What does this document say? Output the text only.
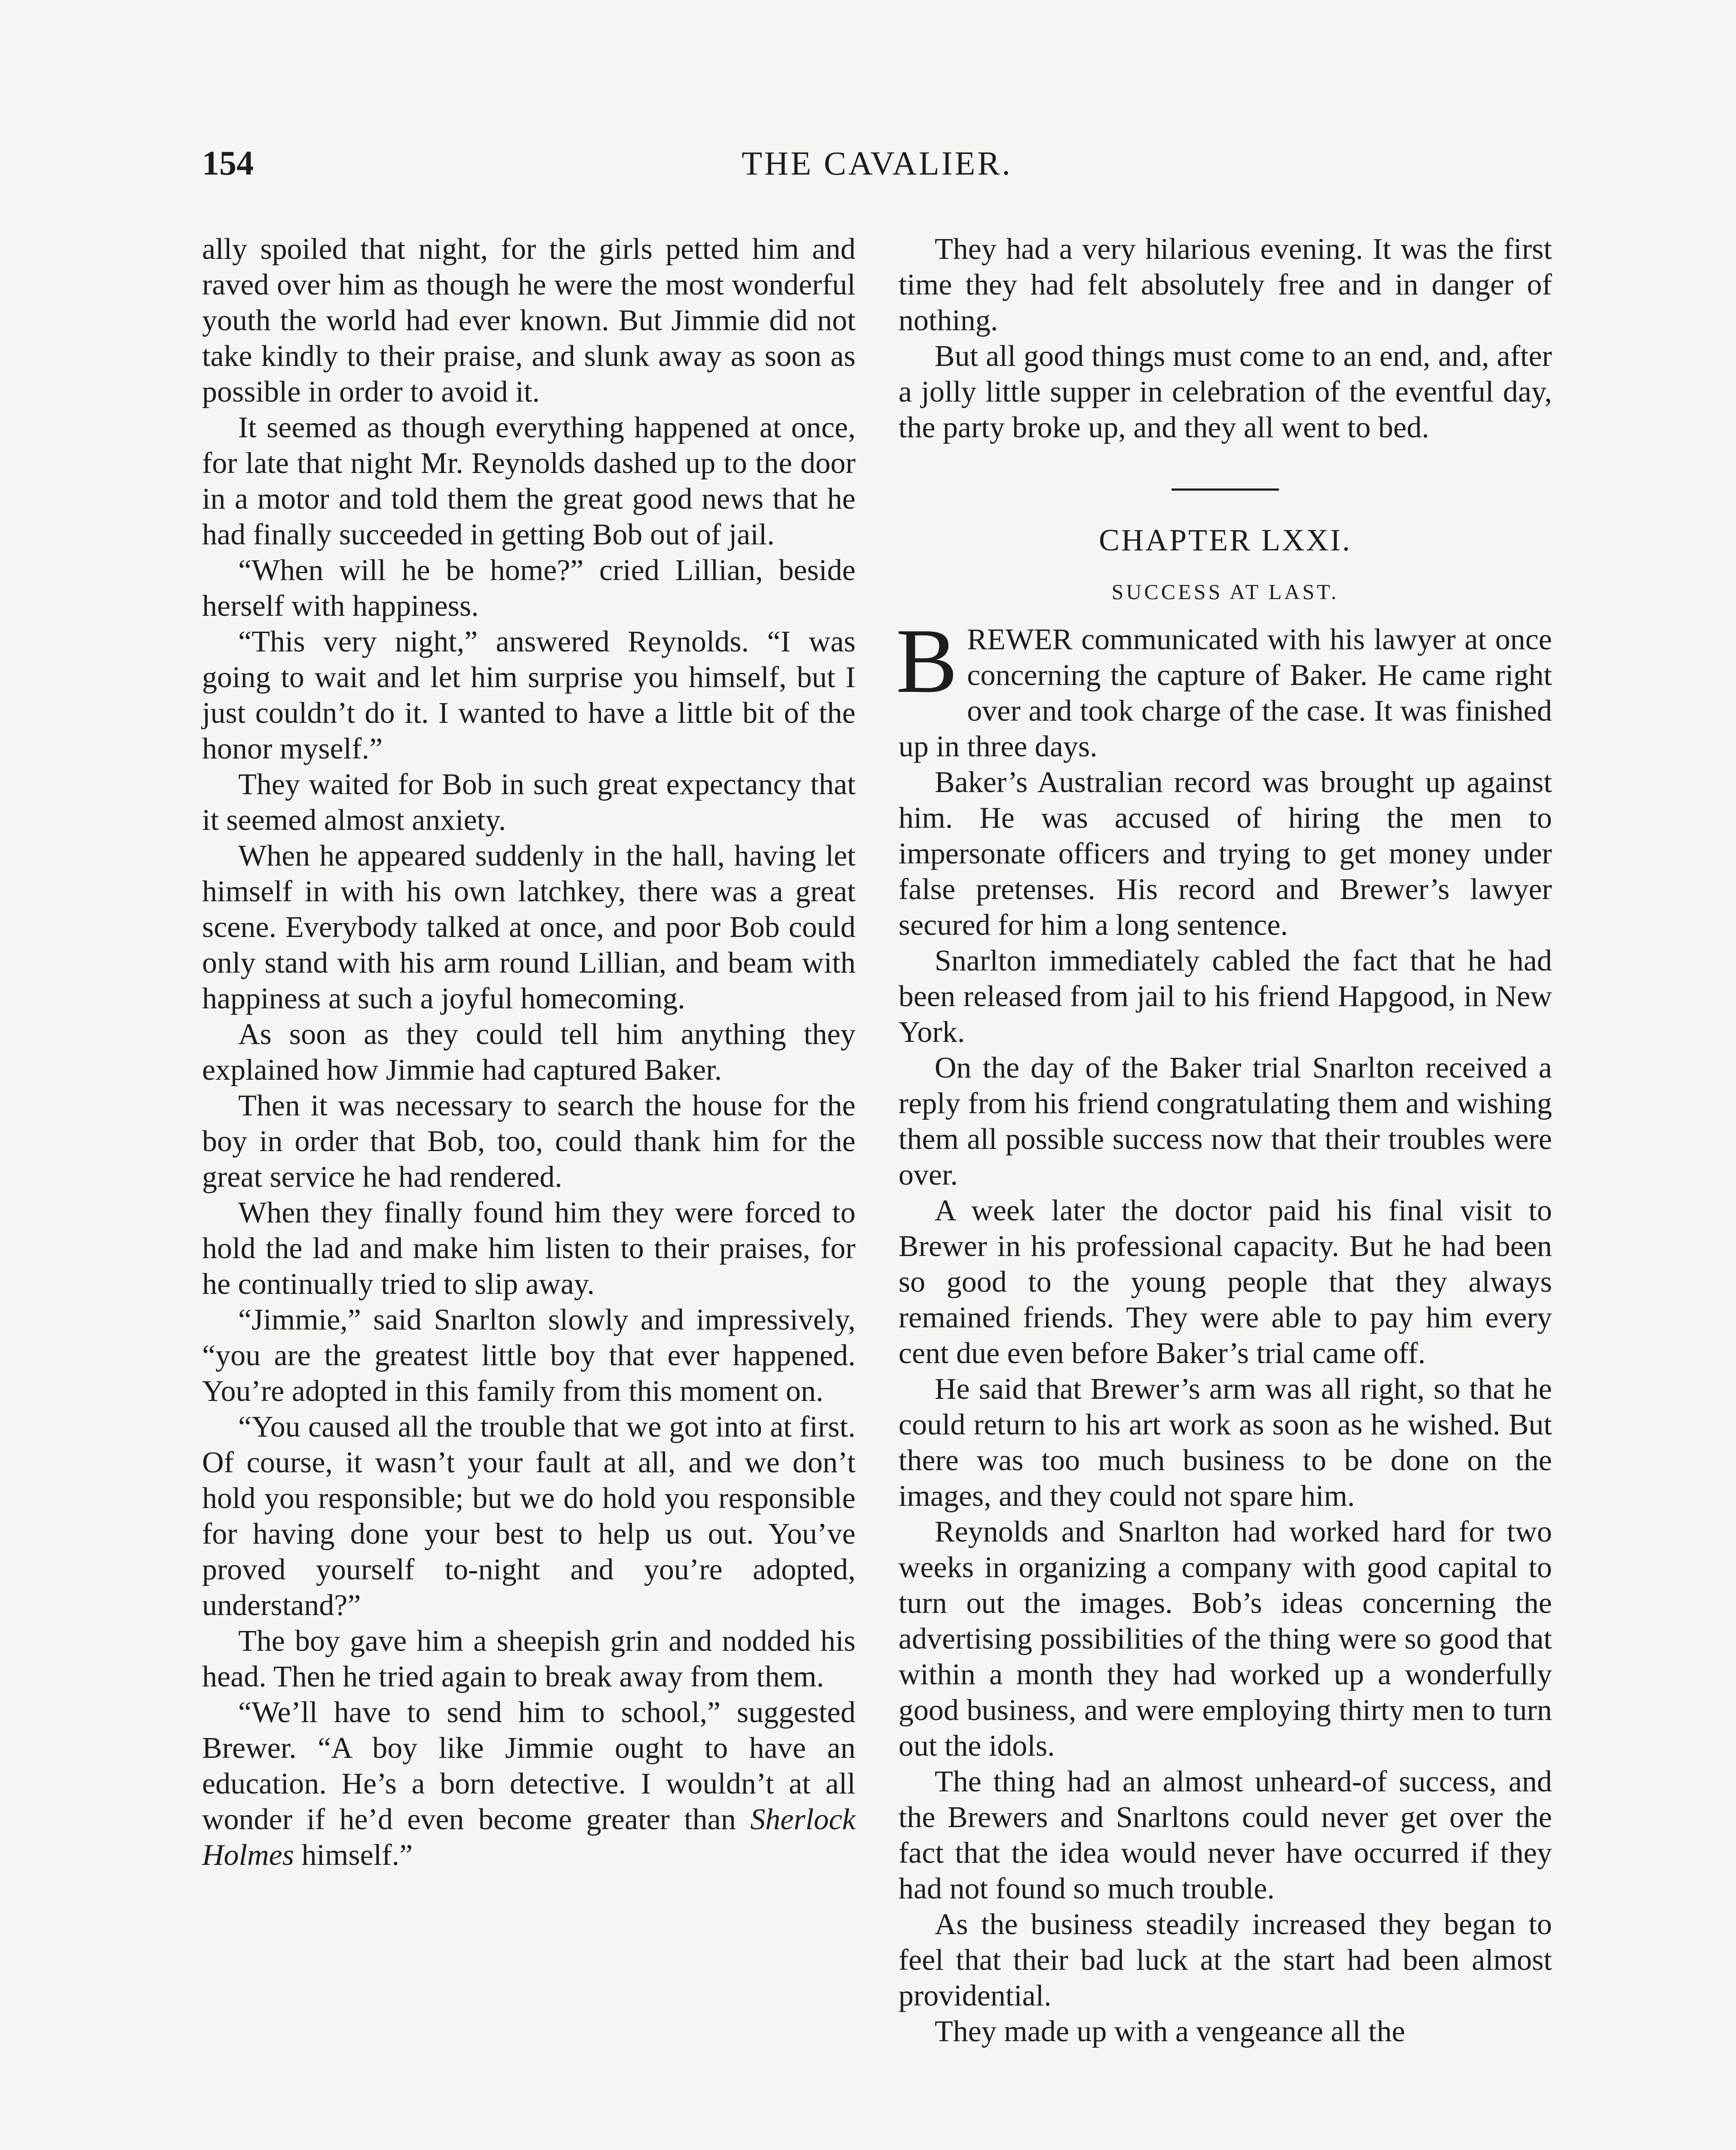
154	THE CAVALIER.

ally spoiled that night, for the girls petted him and raved over him as though he were the most wonderful youth the world had ever known. But Jimmie did not take kindly to their praise, and slunk away as soon as possible in order to avoid it.

It seemed as though everything happened at once, for late that night Mr. Reynolds dashed up to the door in a motor and told them the great good news that he had finally succeeded in getting Bob out of jail.

“When will he be home?” cried Lillian, beside herself with happiness.

“This very night,” answered Reynolds. “I was going to wait and let him surprise you himself, but I just couldn’t do it. I wanted to have a little bit of the honor myself.”

They waited for Bob in such great expectancy that it seemed almost anxiety.

When he appeared suddenly in the hall, having let himself in with his own latchkey, there was a great scene. Everybody talked at once, and poor Bob could only stand with his arm round Lillian, and beam with happiness at such a joyful homecoming.

As soon as they could tell him anything they explained how Jimmie had captured Baker.

Then it was necessary to search the house for the boy in order that Bob, too, could thank him for the great service he had rendered.

When they finally found him they were forced to hold the lad and make him listen to their praises, for he continually tried to slip away.

“Jimmie,” said Snarlton slowly and impressively, “you are the greatest little boy that ever happened. You’re adopted in this family from this moment on.

“You caused all the trouble that we got into at first. Of course, it wasn’t your fault at all, and we don’t hold you responsible; but we do hold you responsible for having done your best to help us out. You’ve proved yourself to-night and you’re adopted, understand?”

The boy gave him a sheepish grin and nodded his head. Then he tried again to break away from them.

“We’ll have to send him to school,” suggested Brewer. “A boy like Jimmie ought to have an education. He’s a born detective. I wouldn’t at all wonder if he’d even become greater than Sherlock Holmes himself.”

They had a very hilarious evening. It was the first time they had felt absolutely free and in danger of nothing.

But all good things must come to an end, and, after a jolly little supper in celebration of the eventful day, the party broke up, and they all went to bed.

CHAPTER LXXI.
SUCCESS AT LAST.

BREWER communicated with his lawyer at once concerning the capture of Baker. He came right over and took charge of the case. It was finished up in three days.

Baker’s Australian record was brought up against him. He was accused of hiring the men to impersonate officers and trying to get money under false pretenses. His record and Brewer’s lawyer secured for him a long sentence.

Snarlton immediately cabled the fact that he had been released from jail to his friend Hapgood, in New York.

On the day of the Baker trial Snarlton received a reply from his friend congratulating them and wishing them all possible success now that their troubles were over.

A week later the doctor paid his final visit to Brewer in his professional capacity. But he had been so good to the young people that they always remained friends. They were able to pay him every cent due even before Baker’s trial came off.

He said that Brewer’s arm was all right, so that he could return to his art work as soon as he wished. But there was too much business to be done on the images, and they could not spare him.

Reynolds and Snarlton had worked hard for two weeks in organizing a company with good capital to turn out the images. Bob’s ideas concerning the advertising possibilities of the thing were so good that within a month they had worked up a wonderfully good business, and were employing thirty men to turn out the idols.

The thing had an almost unheard-of success, and the Brewers and Snarltons could never get over the fact that the idea would never have occurred if they had not found so much trouble.

As the business steadily increased they began to feel that their bad luck at the start had been almost providential.

They made up with a vengeance all the
